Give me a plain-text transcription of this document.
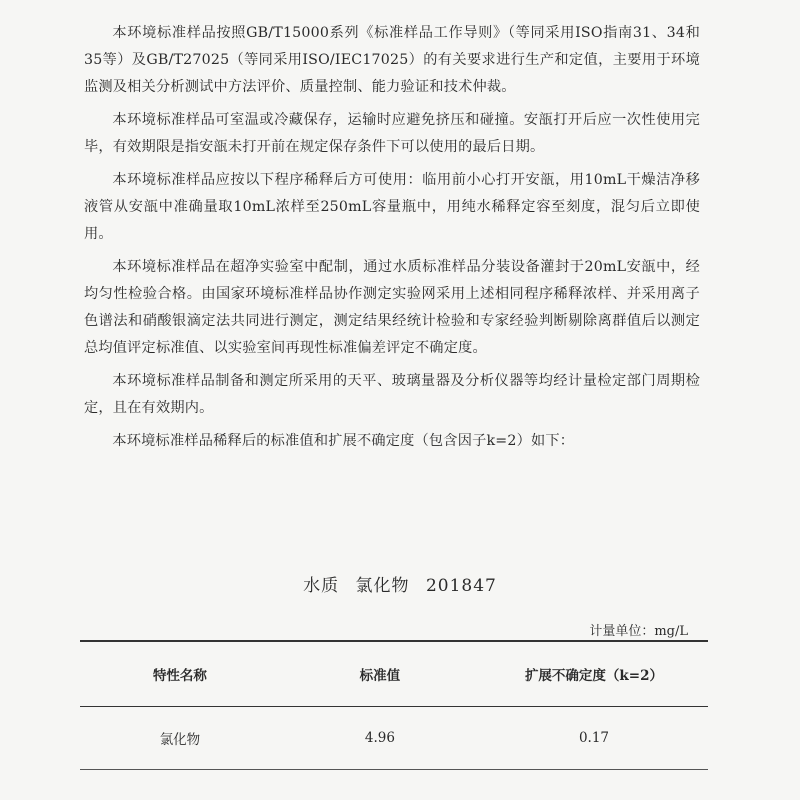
本环境标准样品按照GB/T15000系列《标准样品工作导则》（等同采用ISO指南31、34和35等）及GB/T27025（等同采用ISO/IEC17025）的有关要求进行生产和定值，主要用于环境监测及相关分析测试中方法评价、质量控制、能力验证和技术仲裁。

本环境标准样品可室温或冷藏保存，运输时应避免挤压和碰撞。安瓿打开后应一次性使用完毕，有效期限是指安瓿未打开前在规定保存条件下可以使用的最后日期。

本环境标准样品应按以下程序稀释后方可使用：临用前小心打开安瓿，用10mL干燥洁净移液管从安瓿中准确量取10mL浓样至250mL容量瓶中，用纯水稀释定容至刻度，混匀后立即使用。

本环境标准样品在超净实验室中配制，通过水质标准样品分装设备灌封于20mL安瓿中，经均匀性检验合格。由国家环境标准样品协作测定实验网采用上述相同程序稀释浓样、并采用离子色谱法和硝酸银滴定法共同进行测定，测定结果经统计检验和专家经验判断剔除离群值后以测定总均值评定标准值、以实验室间再现性标准偏差评定不确定度。

本环境标准样品制备和测定所采用的天平、玻璃量器及分析仪器等均经计量检定部门周期检定，且在有效期内。

本环境标准样品稀释后的标准值和扩展不确定度（包含因子k=2）如下：

水质 氯化物 201847
计量单位：mg/L
特性名称	标准值	扩展不确定度（k=2）
氯化物	4.96	0.17
